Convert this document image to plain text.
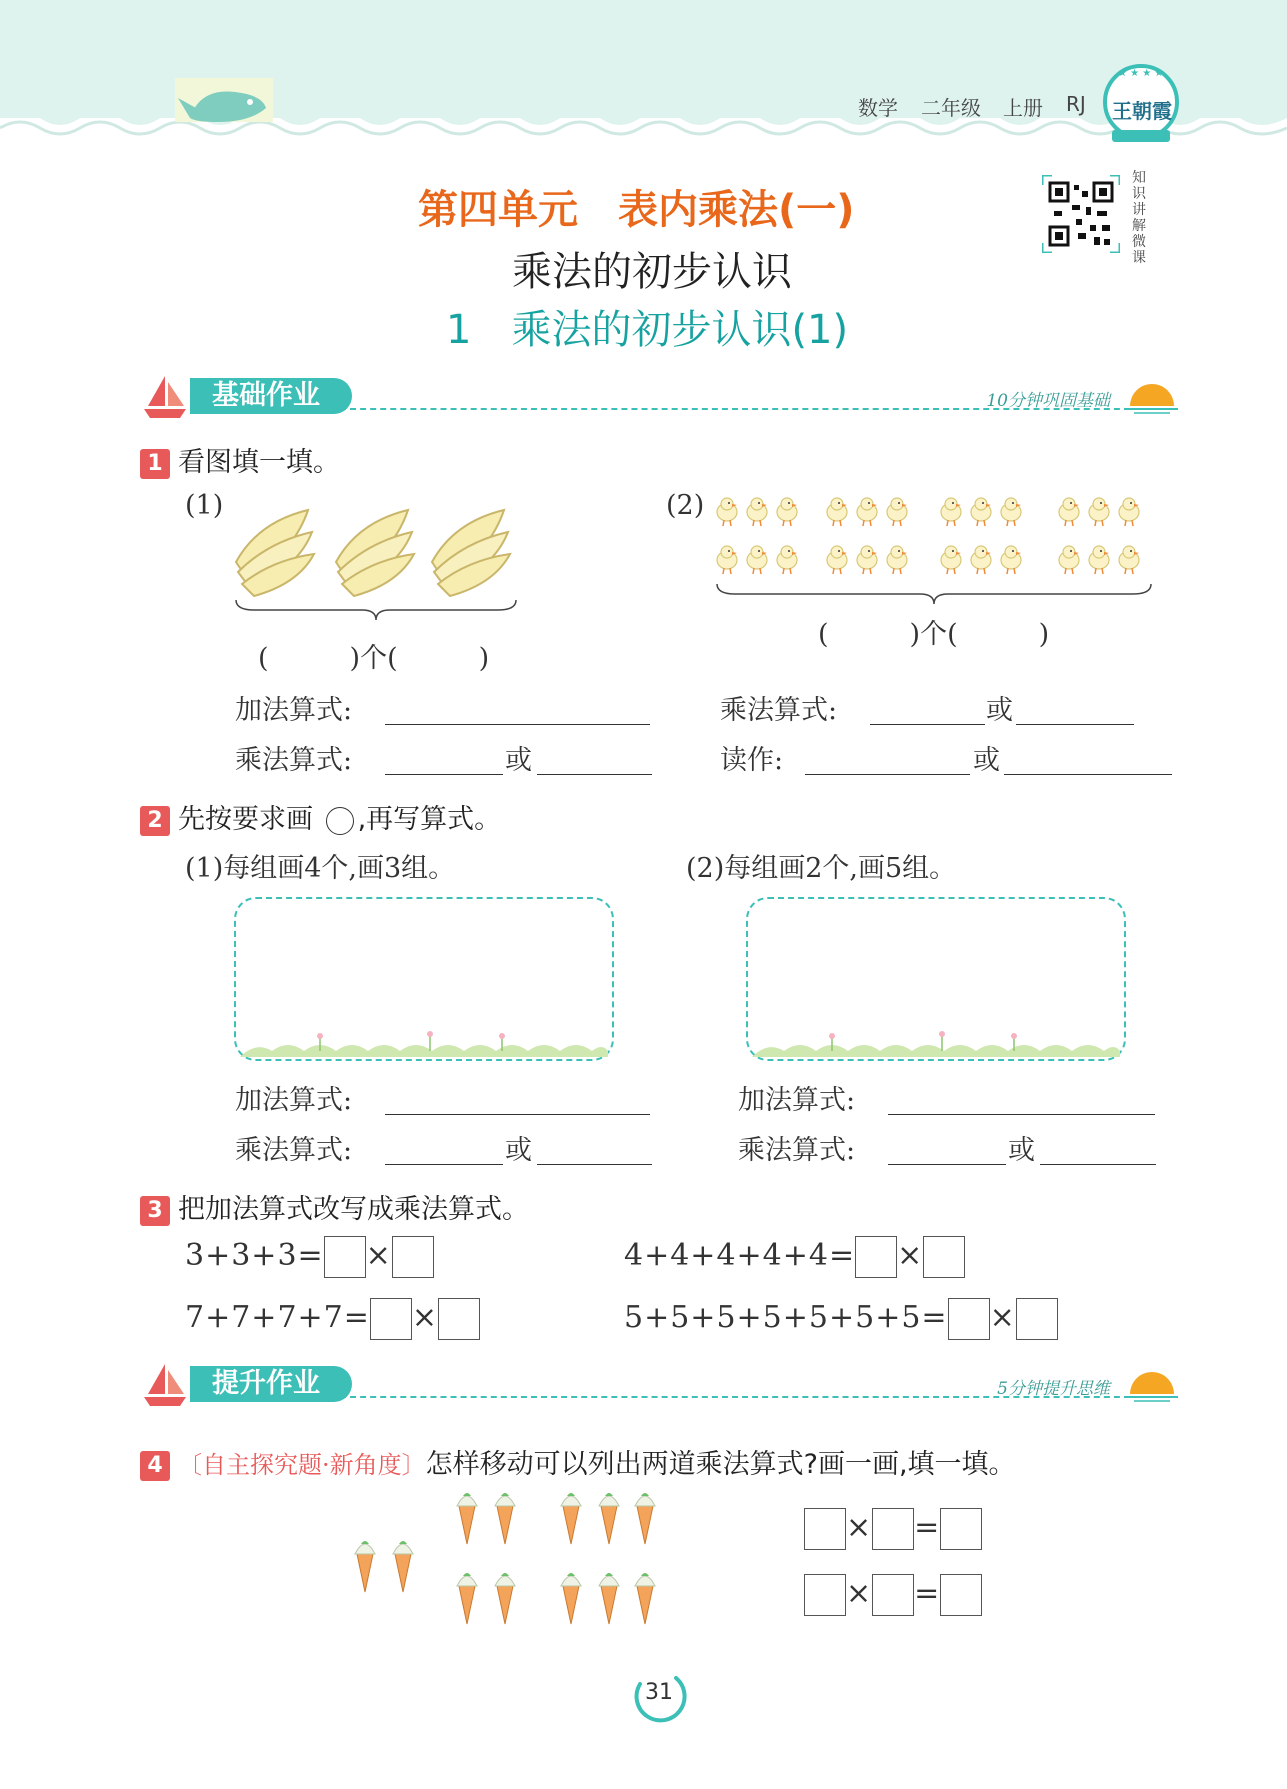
数学 二年级 上册 RJ
★ ★ ★ ★
王朝霞
第四单元　表内乘法(一)
乘法的初步认识
1　乘法的初步认识(1)
知识讲解微课
基础作业	10分钟巩固基础
1 看图填一填。
(1)
(　　　)个(　　　)
加法算式:
乘法算式:	或
(2)
(　　　)个(　　　)
乘法算式:	或
读作:	或
2 先按要求画 ,再写算式。
(1)每组画4个,画3组。	(2)每组画2个,画5组。
加法算式:
乘法算式:	或
加法算式:
乘法算式:	或
3 把加法算式改写成乘法算式。
3+3+3= ×	4+4+4+4+4= ×
7+7+7+7= ×	5+5+5+5+5+5+5= ×
提升作业	5分钟提升思维
4 〔自主探究题·新角度〕怎样移动可以列出两道乘法算式?画一画,填一填。
× =
× =
31
